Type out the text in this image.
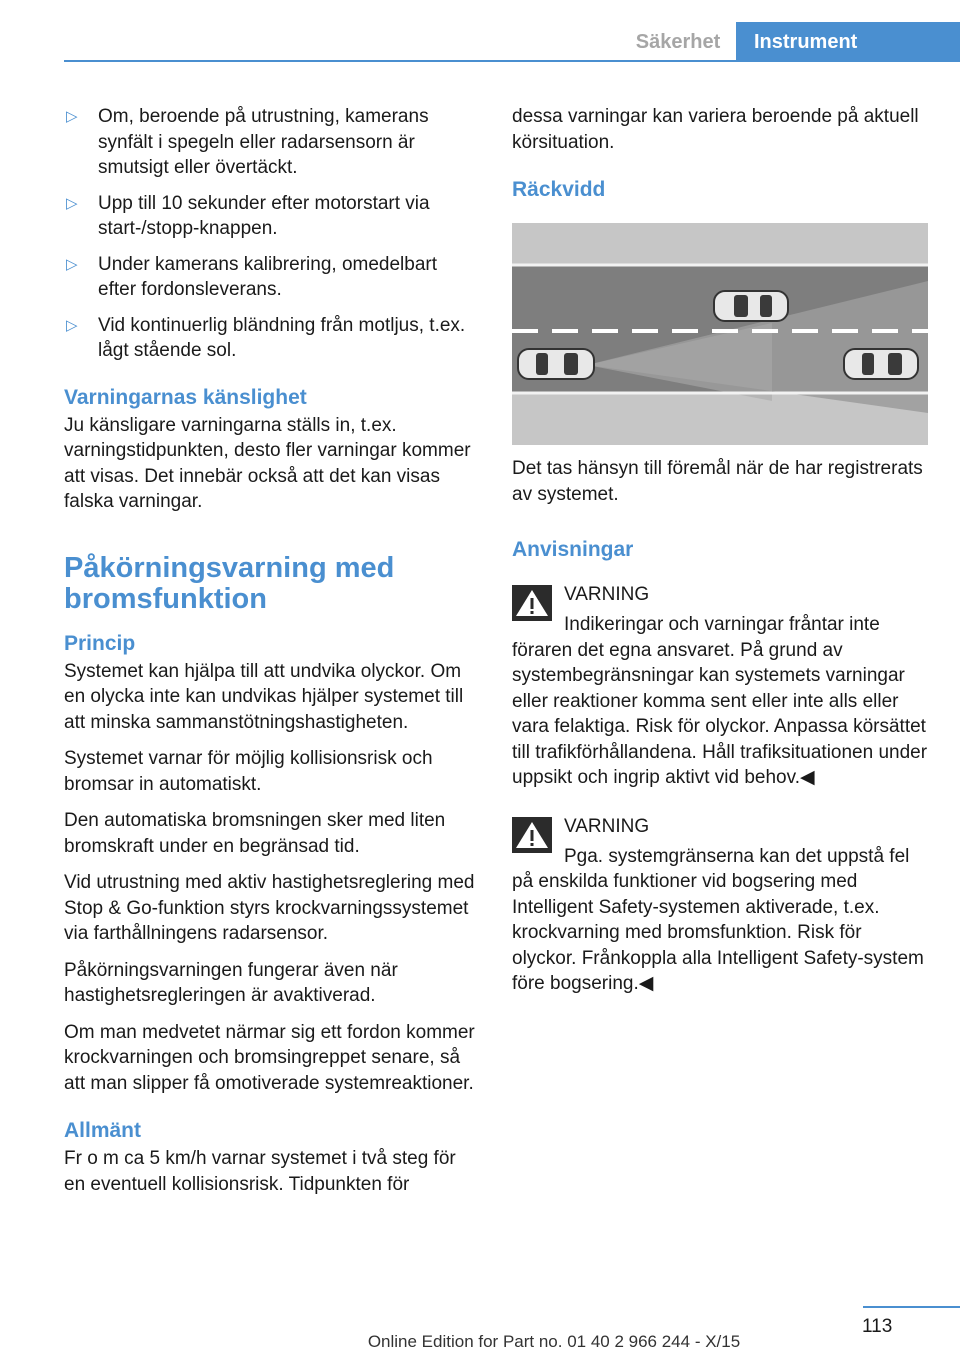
Säkerhet	Instrument
▷ Om, beroende på utrustning, kamerans synfält i spegeln eller radarsensorn är smutsigt eller övertäckt.
▷ Upp till 10 sekunder efter motorstart via start-/stopp-knappen.
▷ Under kamerans kalibrering, omedelbart efter fordonsleverans.
▷ Vid kontinuerlig bländning från motljus, t.ex. lågt stående sol.
Varningarnas känslighet

Ju känsligare varningarna ställs in, t.ex. varningstidpunkten, desto fler varningar kommer att visas. Det innebär också att det kan visas falska varningar.

Påkörningsvarning med bromsfunktion
Princip

Systemet kan hjälpa till att undvika olyckor. Om en olycka inte kan undvikas hjälper systemet till att minska sammanstötningshastigheten.

Systemet varnar för möjlig kollisionsrisk och bromsar in automatiskt.

Den automatiska bromsningen sker med liten bromskraft under en begränsad tid.

Vid utrustning med aktiv hastighetsreglering med Stop & Go-funktion styrs krockvarningssystemet via farthållningens radarsensor.

Påkörningsvarningen fungerar även när hastighetsregleringen är avaktiverad.

Om man medvetet närmar sig ett fordon kommer krockvarningen och bromsingreppet senare, så att man slipper få omotiverade systemreaktioner.

Allmänt

Fr o m ca 5 km/h varnar systemet i två steg för en eventuell kollisionsrisk. Tidpunkten för

dessa varningar kan variera beroende på aktuell körsituation.

Räckvidd

Det tas hänsyn till föremål när de har registrerats av systemet.

Anvisningar
VARNING
Indikeringar och varningar fråntar inte föraren det egna ansvaret. På grund av systembegränsningar kan systemets varningar eller reaktioner komma sent eller inte alls eller vara felaktiga. Risk för olyckor. Anpassa körsättet till trafikförhållandena. Håll trafiksituationen under uppsikt och ingrip aktivt vid behov.◀
VARNING
Pga. systemgränserna kan det uppstå fel på enskilda funktioner vid bogsering med Intelligent Safety-systemen aktiverade, t.ex. krockvarning med bromsfunktion. Risk för olyckor. Frånkoppla alla Intelligent Safety-system före bogsering.◀
113
Online Edition for Part no. 01 40 2 966 244 - X/15
